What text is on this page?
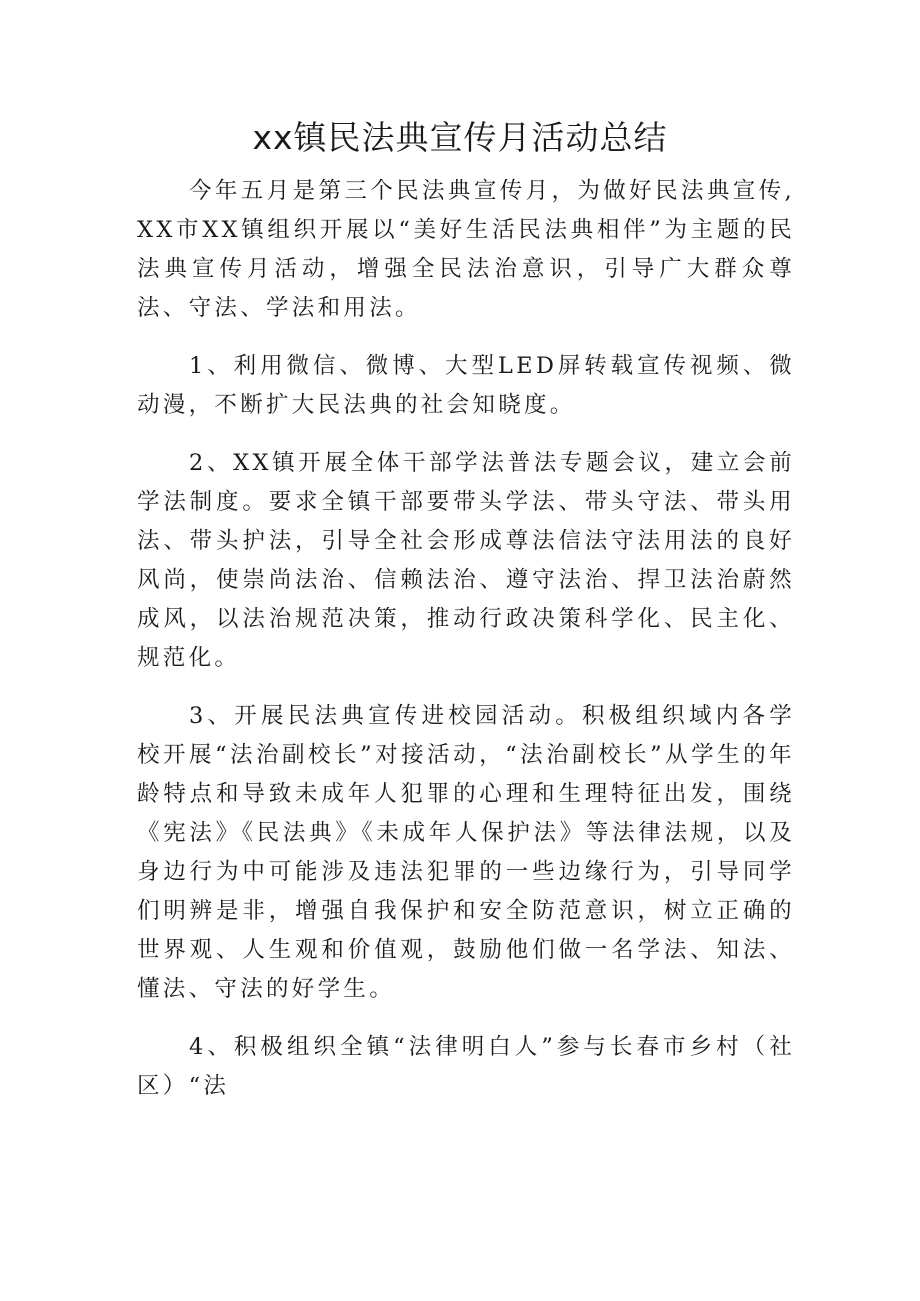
xx镇民法典宣传月活动总结

今年五月是第三个民法典宣传月，为做好民法典宣传,XX市XX镇组织开展以“美好生活民法典相伴”为主题的民法典宣传月活动，增强全民法治意识，引导广大群众尊法、守法、学法和用法。

1、利用微信、微博、大型LED屏转载宣传视频、微动漫，不断扩大民法典的社会知晓度。

2、XX镇开展全体干部学法普法专题会议，建立会前学法制度。要求全镇干部要带头学法、带头守法、带头用法、带头护法，引导全社会形成尊法信法守法用法的良好风尚，使崇尚法治、信赖法治、遵守法治、捍卫法治蔚然成风，以法治规范决策，推动行政决策科学化、民主化、规范化。

3、开展民法典宣传进校园活动。积极组织域内各学校开展“法治副校长”对接活动，“法治副校长”从学生的年龄特点和导致未成年人犯罪的心理和生理特征出发，围绕《宪法》《民法典》《未成年人保护法》等法律法规，以及身边行为中可能涉及违法犯罪的一些边缘行为，引导同学们明辨是非，增强自我保护和安全防范意识，树立正确的世界观、人生观和价值观，鼓励他们做一名学法、知法、懂法、守法的好学生。

4、积极组织全镇“法律明白人”参与长春市乡村（社区）“法
